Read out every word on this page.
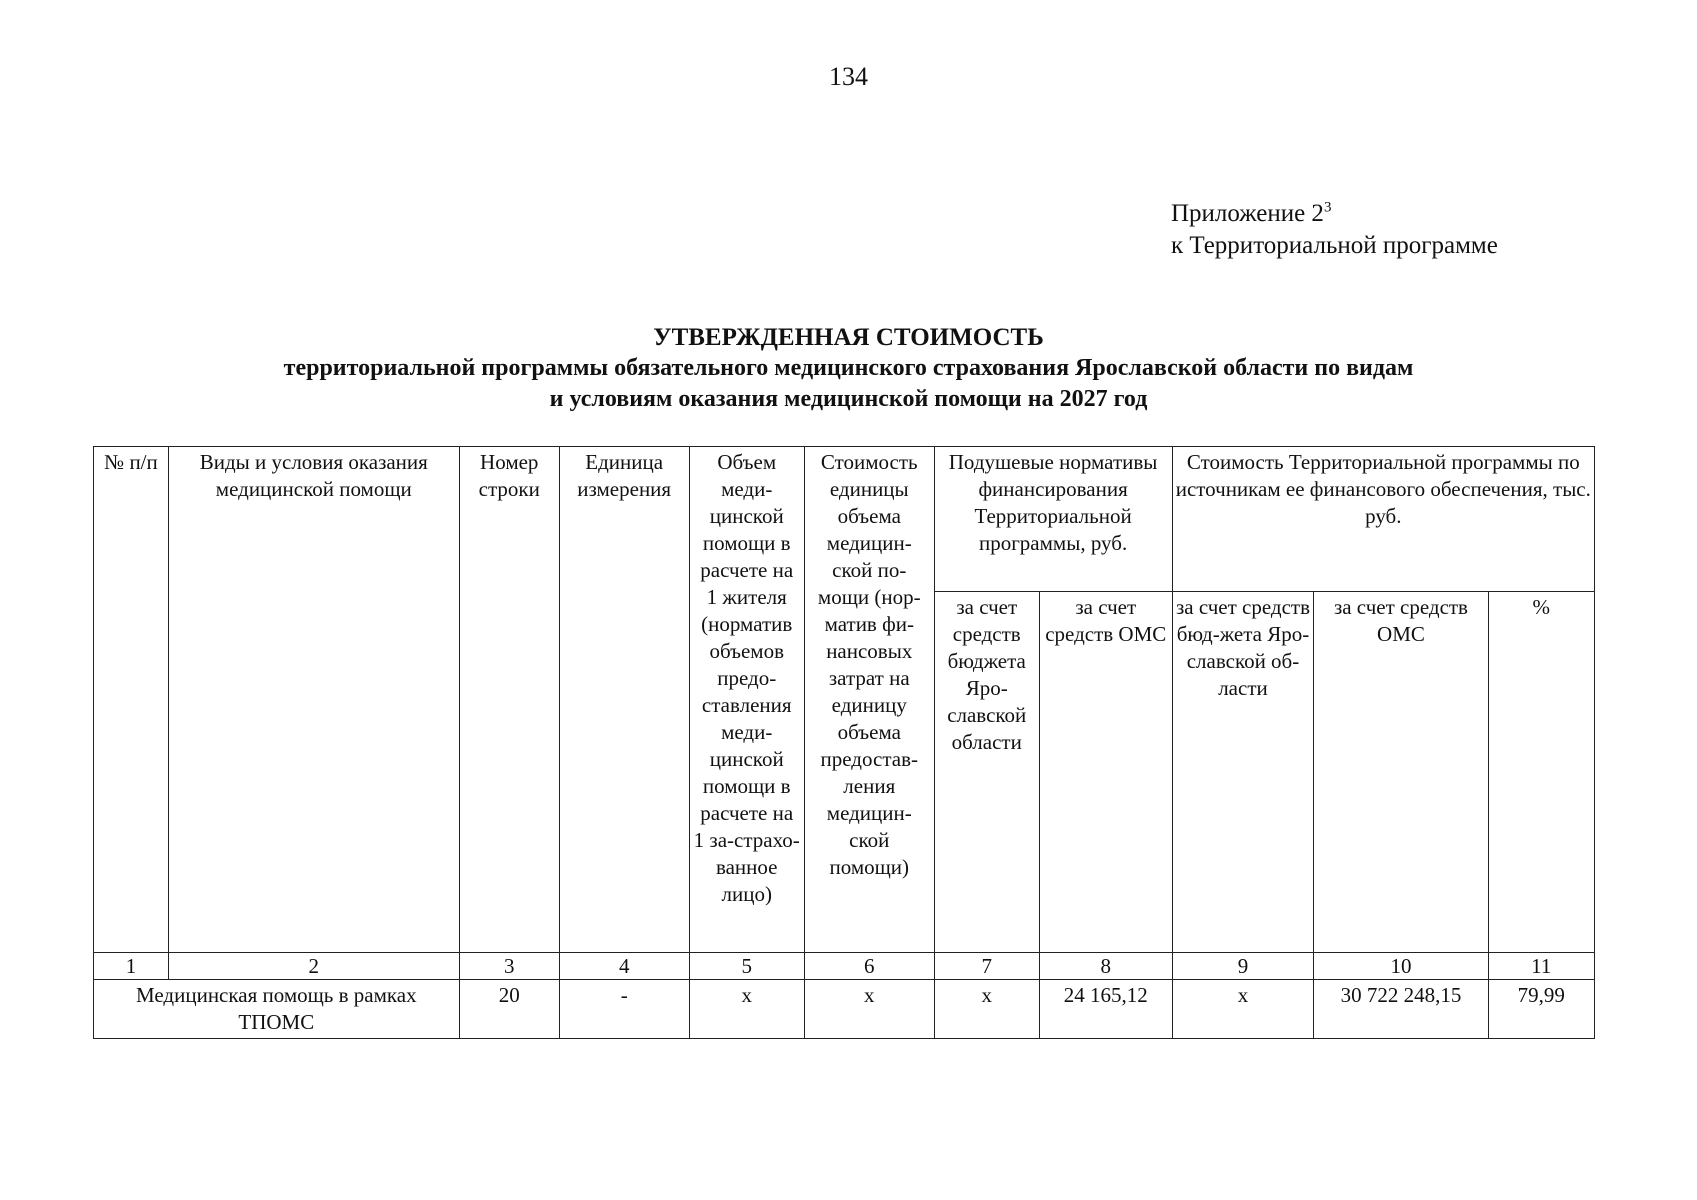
134
Приложение $2^3$
к Территориальной программе
УТВЕРЖДЕННАЯ СТОИМОСТЬ
территориальной программы обязательного медицинского страхования Ярославской области по видам
и условиям оказания медицинской помощи на 2027 год
№ п/п	Виды и условия оказания медицинской помощи	Номер строки	Единица измерения	Объем меди-цинской помощи в расчете на 1 жителя (норматив объемов предо-ставления меди-цинской помощи в расчете на 1 за-страхо-ванное лицо)	Стоимость единицы объема медицин-ской по-мощи (нор-матив фи-нансовых затрат на единицу объема предостав-ления медицин-ской помощи)	Подушевые нормативы финансирования Территориальной программы, руб.		Стоимость Территориальной программы по источникам ее финансового обеспечения, тыс. руб.		
						за счет средств бюджета Яро-славской области	за счет средств ОМС	за счет средств бюд-жета Яро-славской об-ласти	за счет средств ОМС	%
1	2	3	4	5	6	7	8	9	10	11
Медицинская помощь в рамках ТПОМС		20	-	х	х	х	24 165,12	х	30 722 248,15	79,99
